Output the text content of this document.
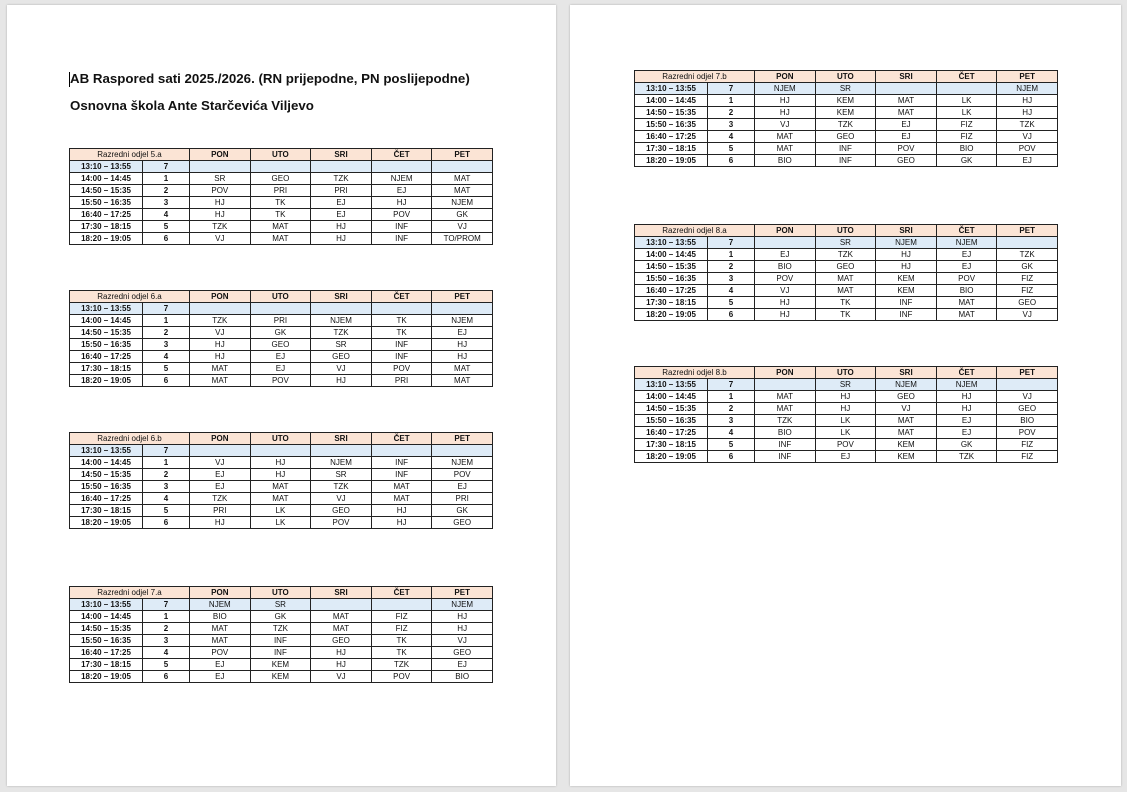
AB Raspored sati 2025./2026. (RN prijepodne, PN poslijepodne)
Osnovna škola Ante Starčevića Viljevo
Razredni odjel 5.a		PON	UTO	SRI	ČET	PET
13:10 – 13:55	7					
14:00 – 14:45	1	SR	GEO	TZK	NJEM	MAT
14:50 – 15:35	2	POV	PRI	PRI	EJ	MAT
15:50 – 16:35	3	HJ	TK	EJ	HJ	NJEM
16:40 – 17:25	4	HJ	TK	EJ	POV	GK
17:30 – 18:15	5	TZK	MAT	HJ	INF	VJ
18:20 – 19:05	6	VJ	MAT	HJ	INF	TO/PROM
Razredni odjel 6.a		PON	UTO	SRI	ČET	PET
13:10 – 13:55	7					
14:00 – 14:45	1	TZK	PRI	NJEM	TK	NJEM
14:50 – 15:35	2	VJ	GK	TZK	TK	EJ
15:50 – 16:35	3	HJ	GEO	SR	INF	HJ
16:40 – 17:25	4	HJ	EJ	GEO	INF	HJ
17:30 – 18:15	5	MAT	EJ	VJ	POV	MAT
18:20 – 19:05	6	MAT	POV	HJ	PRI	MAT
Razredni odjel 6.b		PON	UTO	SRI	ČET	PET
13:10 – 13:55	7					
14:00 – 14:45	1	VJ	HJ	NJEM	INF	NJEM
14:50 – 15:35	2	EJ	HJ	SR	INF	POV
15:50 – 16:35	3	EJ	MAT	TZK	MAT	EJ
16:40 – 17:25	4	TZK	MAT	VJ	MAT	PRI
17:30 – 18:15	5	PRI	LK	GEO	HJ	GK
18:20 – 19:05	6	HJ	LK	POV	HJ	GEO
Razredni odjel 7.a		PON	UTO	SRI	ČET	PET
13:10 – 13:55	7	NJEM	SR			NJEM
14:00 – 14:45	1	BIO	GK	MAT	FIZ	HJ
14:50 – 15:35	2	MAT	TZK	MAT	FIZ	HJ
15:50 – 16:35	3	MAT	INF	GEO	TK	VJ
16:40 – 17:25	4	POV	INF	HJ	TK	GEO
17:30 – 18:15	5	EJ	KEM	HJ	TZK	EJ
18:20 – 19:05	6	EJ	KEM	VJ	POV	BIO
Razredni odjel 7.b		PON	UTO	SRI	ČET	PET
13:10 – 13:55	7	NJEM	SR			NJEM
14:00 – 14:45	1	HJ	KEM	MAT	LK	HJ
14:50 – 15:35	2	HJ	KEM	MAT	LK	HJ
15:50 – 16:35	3	VJ	TZK	EJ	FIZ	TZK
16:40 – 17:25	4	MAT	GEO	EJ	FIZ	VJ
17:30 – 18:15	5	MAT	INF	POV	BIO	POV
18:20 – 19:05	6	BIO	INF	GEO	GK	EJ
Razredni odjel 8.a		PON	UTO	SRI	ČET	PET
13:10 – 13:55	7		SR	NJEM	NJEM	
14:00 – 14:45	1	EJ	TZK	HJ	EJ	TZK
14:50 – 15:35	2	BIO	GEO	HJ	EJ	GK
15:50 – 16:35	3	POV	MAT	KEM	POV	FIZ
16:40 – 17:25	4	VJ	MAT	KEM	BIO	FIZ
17:30 – 18:15	5	HJ	TK	INF	MAT	GEO
18:20 – 19:05	6	HJ	TK	INF	MAT	VJ
Razredni odjel 8.b		PON	UTO	SRI	ČET	PET
13:10 – 13:55	7		SR	NJEM	NJEM	
14:00 – 14:45	1	MAT	HJ	GEO	HJ	VJ
14:50 – 15:35	2	MAT	HJ	VJ	HJ	GEO
15:50 – 16:35	3	TZK	LK	MAT	EJ	BIO
16:40 – 17:25	4	BIO	LK	MAT	EJ	POV
17:30 – 18:15	5	INF	POV	KEM	GK	FIZ
18:20 – 19:05	6	INF	EJ	KEM	TZK	FIZ
